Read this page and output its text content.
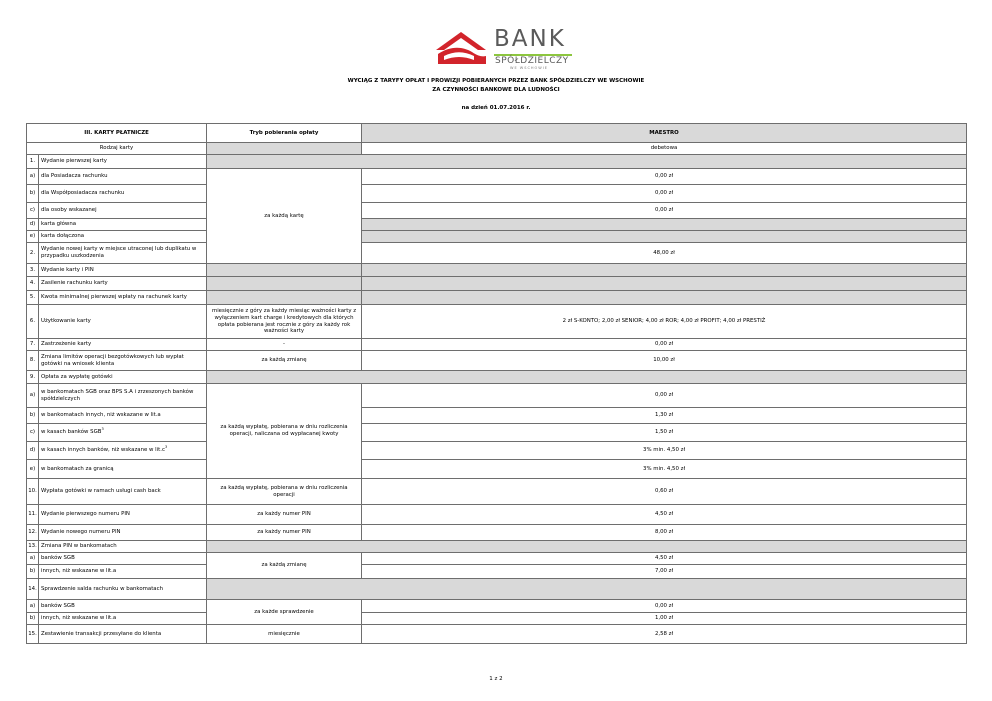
BANK
SPÓŁDZIELCZY
WE WSCHOWIE
WYCIĄG Z TARYFY OPŁAT I PROWIZJI POBIERANYCH PRZEZ BANK SPÓŁDZIELCZY WE WSCHOWIE
ZA CZYNNOŚCI BANKOWE DLA LUDNOŚCI
na dzień 01.07.2016 r.
III. KARTY PŁATNICZE		Tryb pobierania opłaty	MAESTRO
Rodzaj karty			debetowa
1.	Wydanie pierwszej karty		
a)	dla Posiadacza rachunku	za każdą kartę	0,00 zł
b)	dla Współposiadacza rachunku		0,00 zł
c)	dla osoby wskazanej		0,00 zł
d)	karta główna		
e)	karta dołączona		
2.	Wydanie nowej karty w miejsce utraconej lub duplikatu w przypadku uszkodzenia		48,00 zł
3.	Wydanie karty i PIN		
4.	Zasilenie rachunku karty		
5.	Kwota minimalnej pierwszej wpłaty na rachunek karty		
6.	Użytkowanie karty	miesięcznie z góry za każdy miesiąc ważności karty z wyłączeniem kart charge i kredytowych dla których opłata pobierana jest rocznie z góry za każdy rok ważności karty	2 zł S-KONTO; 2,00 zł SENIOR; 4,00 zł ROR; 4,00 zł PROFIT; 4,00 zł PRESTIŻ
7.	Zastrzeżenie karty	-	0,00 zł
8.	Zmiana limitów operacji bezgotówkowych lub wypłat gotówki na wniosek klienta	za każdą zmianę	10,00 zł
9.	Opłata za wypłatę gotówki		
a)	w bankomatach SGB oraz BPS S.A i zrzeszonych banków spółdzielczych	za każdą wypłatę, pobierana w dniu rozliczenia operacji, naliczana od wypłacanej kwoty	0,00 zł
b)	w bankomatach innych, niż wskazane w lit.a		1,30 zł
c)	w kasach banków SGB$^3$		1,50 zł
d)	w kasach innych banków, niż wskazane w $lit.c^3$		3% min. 4,50 zł
e)	w bankomatach za granicą		3% min. 4,50 zł
10.	Wypłata gotówki w ramach usługi cash back	za każdą wypłatę, pobierana w dniu rozliczenia operacji	0,60 zł
11.	Wydanie pierwszego numeru PIN	za każdy numer PIN	4,50 zł
12.	Wydanie nowego numeru PIN	za każdy numer PIN	8,00 zł
13.	Zmiana PIN w bankomatach		
a)	banków SGB	za każdą zmianę	4,50 zł
b)	innych, niż wskazane w lit.a		7,00 zł
14.	Sprawdzenie salda rachunku w bankomatach		
a)	banków SGB	za każde sprawdzenie	0,00 zł
b)	innych, niż wskazane w lit.a		1,00 zł
15.	Zestawienie transakcji przesyłane do klienta	miesięcznie	2,58 zł
1 z 2
